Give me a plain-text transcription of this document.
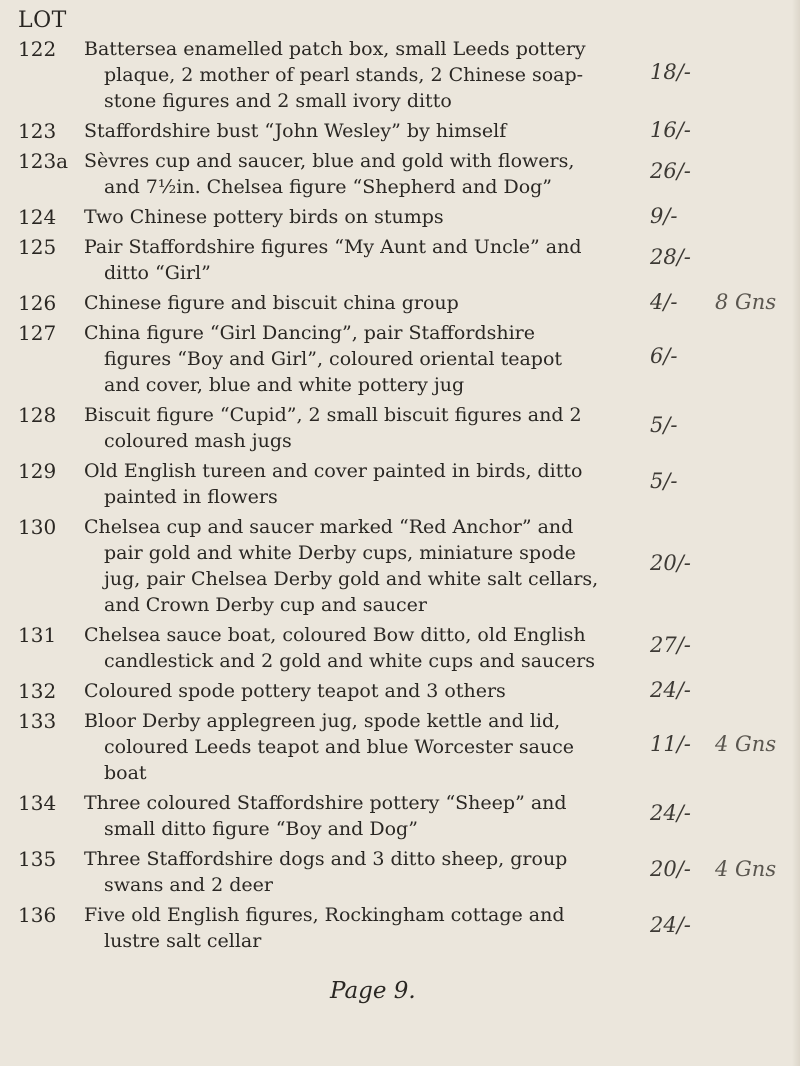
LOT
122 Battersea enamelled patch box, small Leeds pottery
plaque, 2 mother of pearl stands, 2 Chinese soap-
stone figures and 2 small ivory ditto
18/-
123 Staffordshire bust “John Wesley” by himself	16/-
123a Sèvres cup and saucer, blue and gold with flowers,
and 7½in. Chelsea figure “Shepherd and Dog”
26/-
124 Two Chinese pottery birds on stumps	9/-
125 Pair Staffordshire figures “My Aunt and Uncle” and
ditto “Girl”
28/-
126 Chinese figure and biscuit china group	4/- 8 Gns
127 China figure “Girl Dancing”, pair Staffordshire
figures “Boy and Girl”, coloured oriental teapot
and cover, blue and white pottery jug
6/-
128 Biscuit figure “Cupid”, 2 small biscuit figures and 2
coloured mash jugs
5/-
129 Old English tureen and cover painted in birds, ditto
painted in flowers
5/-
130 Chelsea cup and saucer marked “Red Anchor” and
pair gold and white Derby cups, miniature spode
jug, pair Chelsea Derby gold and white salt cellars,
and Crown Derby cup and saucer
20/-
131 Chelsea sauce boat, coloured Bow ditto, old English
candlestick and 2 gold and white cups and saucers
27/-
132 Coloured spode pottery teapot and 3 others	24/-
133 Bloor Derby applegreen jug, spode kettle and lid,
coloured Leeds teapot and blue Worcester sauce
boat
11/- 4 Gns
134 Three coloured Staffordshire pottery “Sheep” and
small ditto figure “Boy and Dog”
24/-
135 Three Staffordshire dogs and 3 ditto sheep, group
swans and 2 deer
20/- 4 Gns
136 Five old English figures, Rockingham cottage and
lustre salt cellar
24/-
Page 9.
